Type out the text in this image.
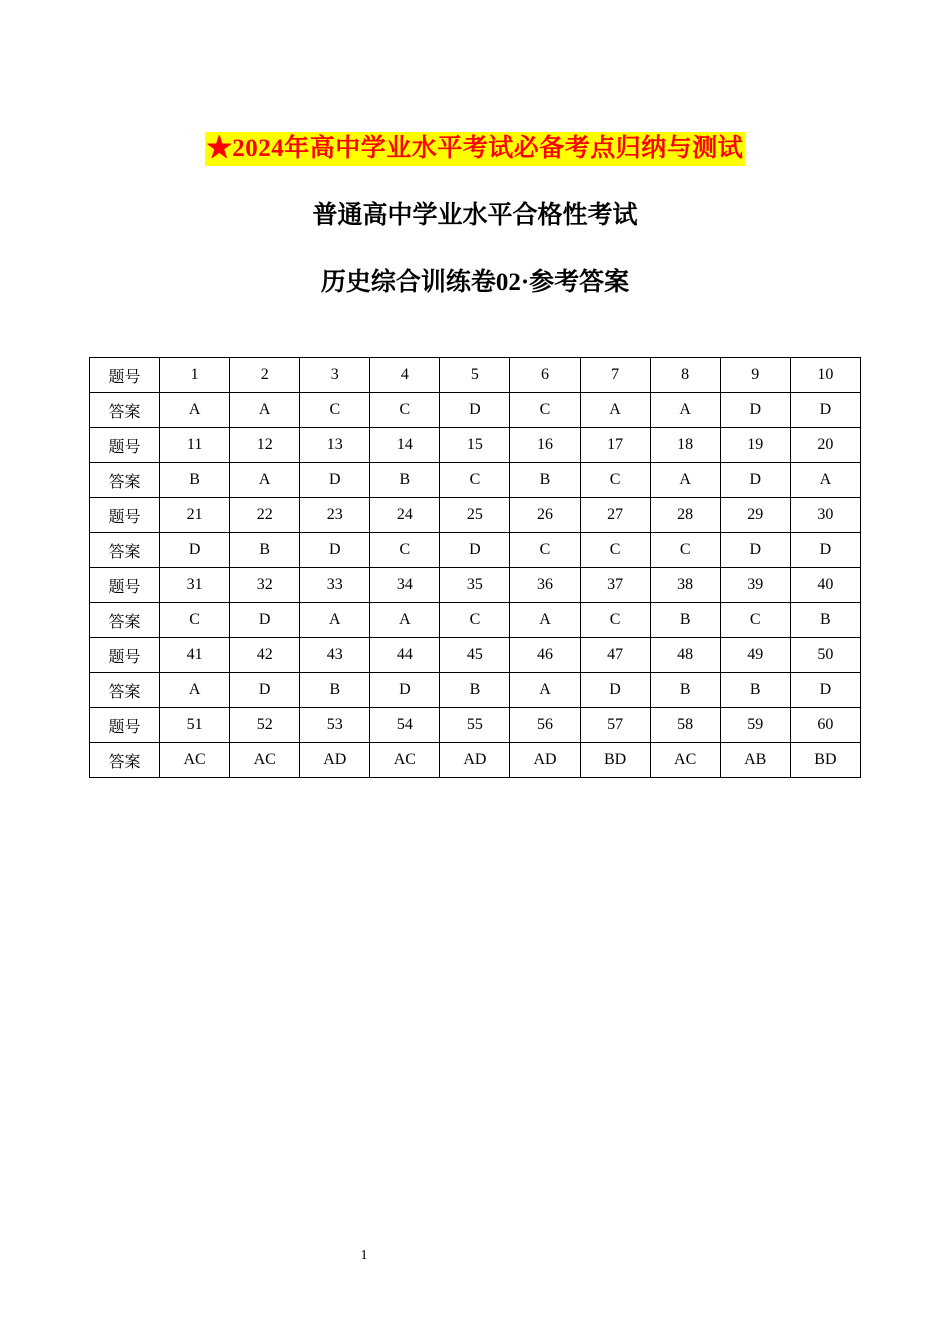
★2024年高中学业水平考试必备考点归纳与测试
普通高中学业水平合格性考试
历史综合训练卷02·参考答案
题号	1	2	3	4	5	6	7	8	9	10
答案	A	A	C	C	D	C	A	A	D	D
题号	11	12	13	14	15	16	17	18	19	20
答案	B	A	D	B	C	B	C	A	D	A
题号	21	22	23	24	25	26	27	28	29	30
答案	D	B	D	C	D	C	C	C	D	D
题号	31	32	33	34	35	36	37	38	39	40
答案	C	D	A	A	C	A	C	B	C	B
题号	41	42	43	44	45	46	47	48	49	50
答案	A	D	B	D	B	A	D	B	B	D
题号	51	52	53	54	55	56	57	58	59	60
答案	AC	AC	AD	AC	AD	AD	BD	AC	AB	BD
1
